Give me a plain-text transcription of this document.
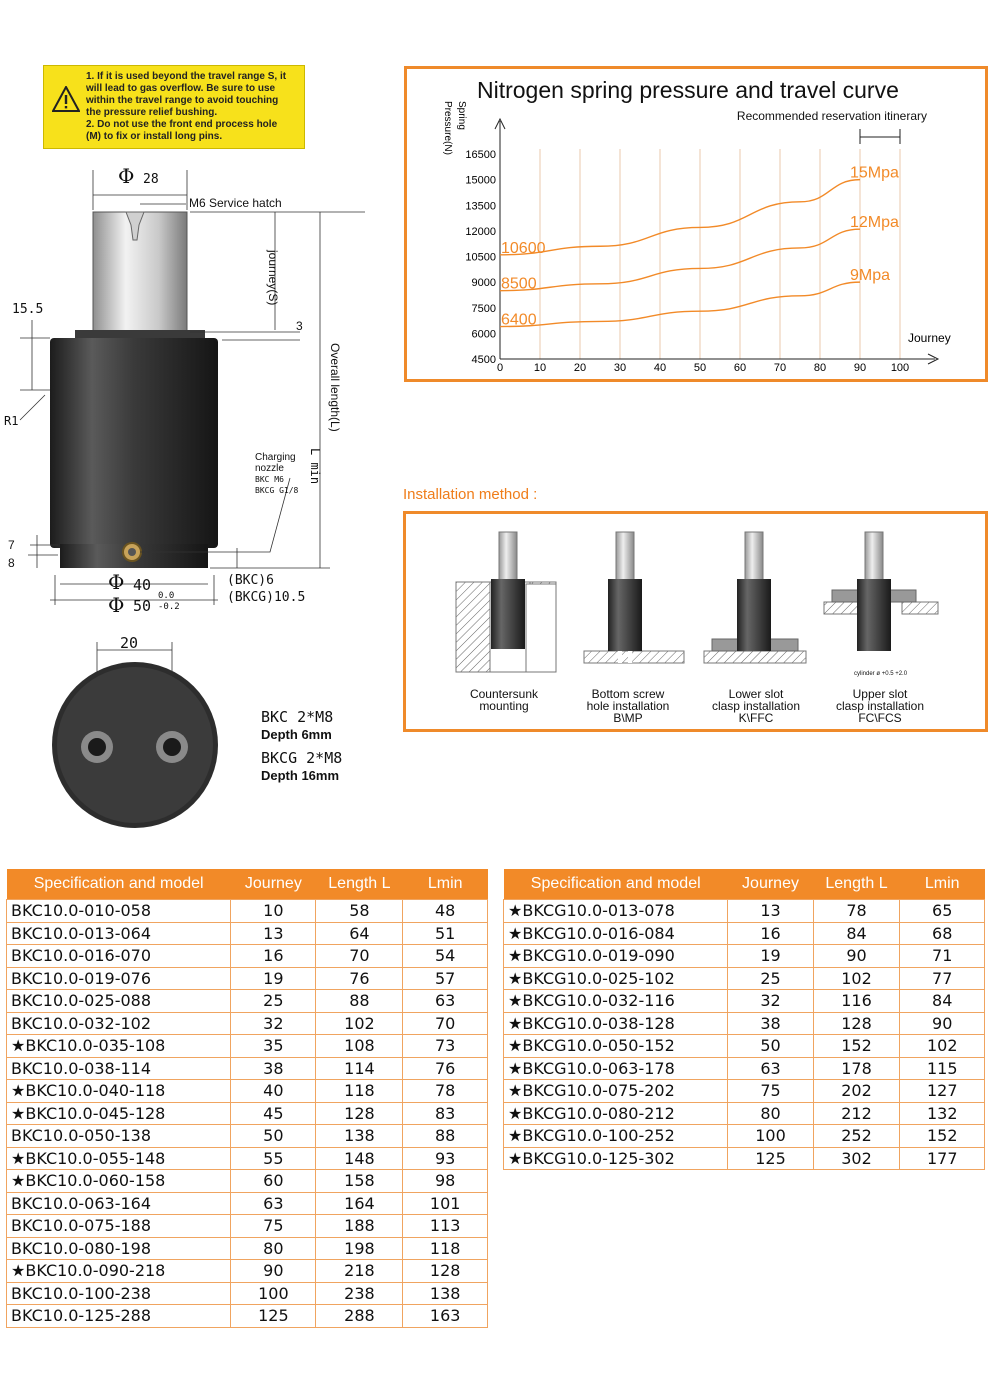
1. If it is used beyond the travel range S, it
will lead to gas overflow. Be sure to use
within the travel range to avoid touching
the pressure relief bushing.
2. Do not use the front end process hole
(M) to fix or install long pins.
Φ 28
M6 Service hatch
journey(S)
15.5
3
Overall length(L)
L min
R1
Charging
nozzle
BKC M6
BKCG G1/8
7
8
Φ 40
Φ 50
0.0
-0.2
(BKC)6
(BKCG)10.5
20
BKC 2*M8
Depth 6mm
BKCG 2*M8
Depth 16mm
Nitrogen spring pressure and travel curve
Recommended reservation itinerary
0	10	20	30	40	50	60	70	80	90 100
4500
6000
7500
9000
10500
12000
13500
15000
16500
Spring
Pressure(N)
Journey
10600
15Mpa
8500
12Mpa
6400
9Mpa
Installation method :
cylinder ø +0.5 +2.0
Countersunk
mounting
Bottom screw
hole installation
B\MP
Lower slot
clasp installation
K\FFC
Upper slot
clasp installation
FC\FCS
Specification and model	Journey	Length L	Lmin
BKC10.0-010-058	10	58	48
BKC10.0-013-064	13	64	51
BKC10.0-016-070	16	70	54
BKC10.0-019-076	19	76	57
BKC10.0-025-088	25	88	63
BKC10.0-032-102	32	102	70
★BKC10.0-035-108	35	108	73
BKC10.0-038-114	38	114	76
★BKC10.0-040-118	40	118	78
★BKC10.0-045-128	45	128	83
BKC10.0-050-138	50	138	88
★BKC10.0-055-148	55	148	93
★BKC10.0-060-158	60	158	98
BKC10.0-063-164	63	164	101
BKC10.0-075-188	75	188	113
BKC10.0-080-198	80	198	118
★BKC10.0-090-218	90	218	128
BKC10.0-100-238	100	238	138
BKC10.0-125-288	125	288	163
Specification and model	Journey	Length L	Lmin
★BKCG10.0-013-078	13	78	65
★BKCG10.0-016-084	16	84	68
★BKCG10.0-019-090	19	90	71
★BKCG10.0-025-102	25	102	77
★BKCG10.0-032-116	32	116	84
★BKCG10.0-038-128	38	128	90
★BKCG10.0-050-152	50	152	102
★BKCG10.0-063-178	63	178	115
★BKCG10.0-075-202	75	202	127
★BKCG10.0-080-212	80	212	132
★BKCG10.0-100-252	100	252	152
★BKCG10.0-125-302	125	302	177
